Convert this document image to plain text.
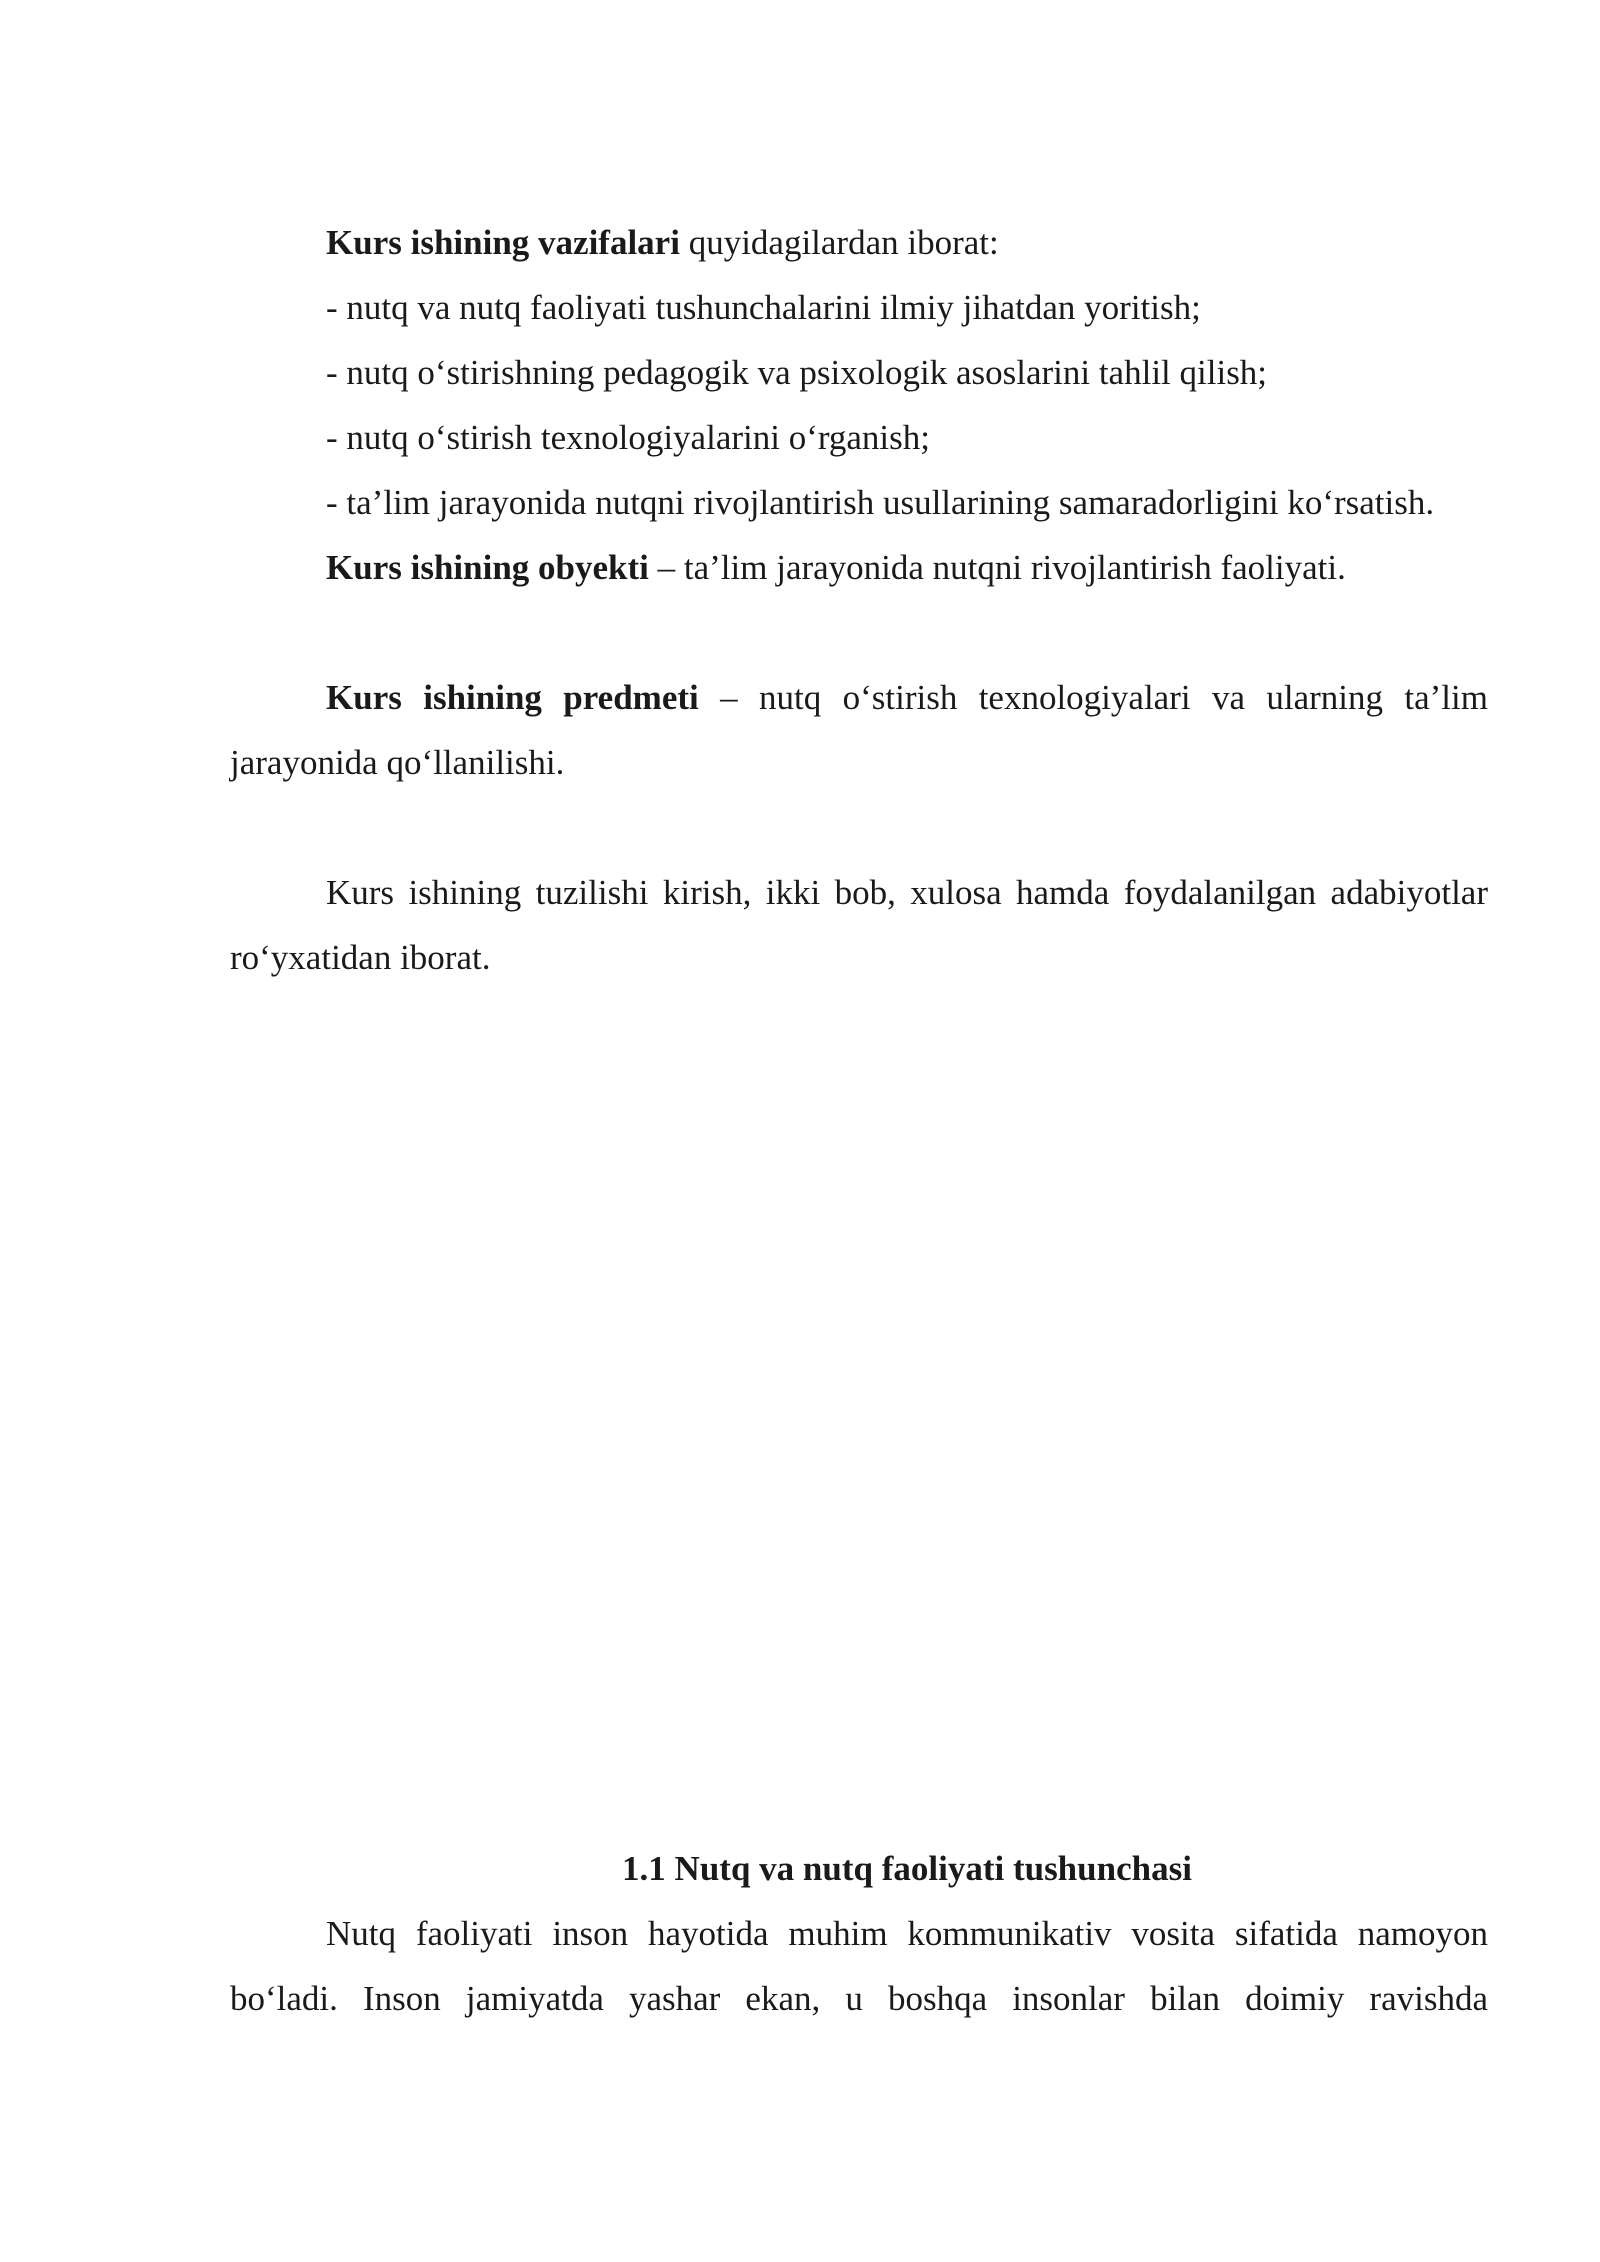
Kurs ishining vazifalari quyidagilardan iborat:

- nutq va nutq faoliyati tushunchalarini ilmiy jihatdan yoritish;

- nutq o‘stirishning pedagogik va psixologik asoslarini tahlil qilish;

- nutq o‘stirish texnologiyalarini o‘rganish;

- ta’lim jarayonida nutqni rivojlantirish usullarining samaradorligini ko‘rsatish.

Kurs ishining obyekti – ta’lim jarayonida nutqni rivojlantirish faoliyati.

Kurs ishining predmeti – nutq o‘stirish texnologiyalari va ularning ta’lim jarayonida qo‘llanilishi.

Kurs ishining tuzilishi kirish, ikki bob, xulosa hamda foydalanilgan adabiyotlar ro‘yxatidan iborat.

1.1 Nutq va nutq faoliyati tushunchasi

Nutq faoliyati inson hayotida muhim kommunikativ vosita sifatida namoyon bo‘ladi. Inson jamiyatda yashar ekan, u boshqa insonlar bilan doimiy ravishda
